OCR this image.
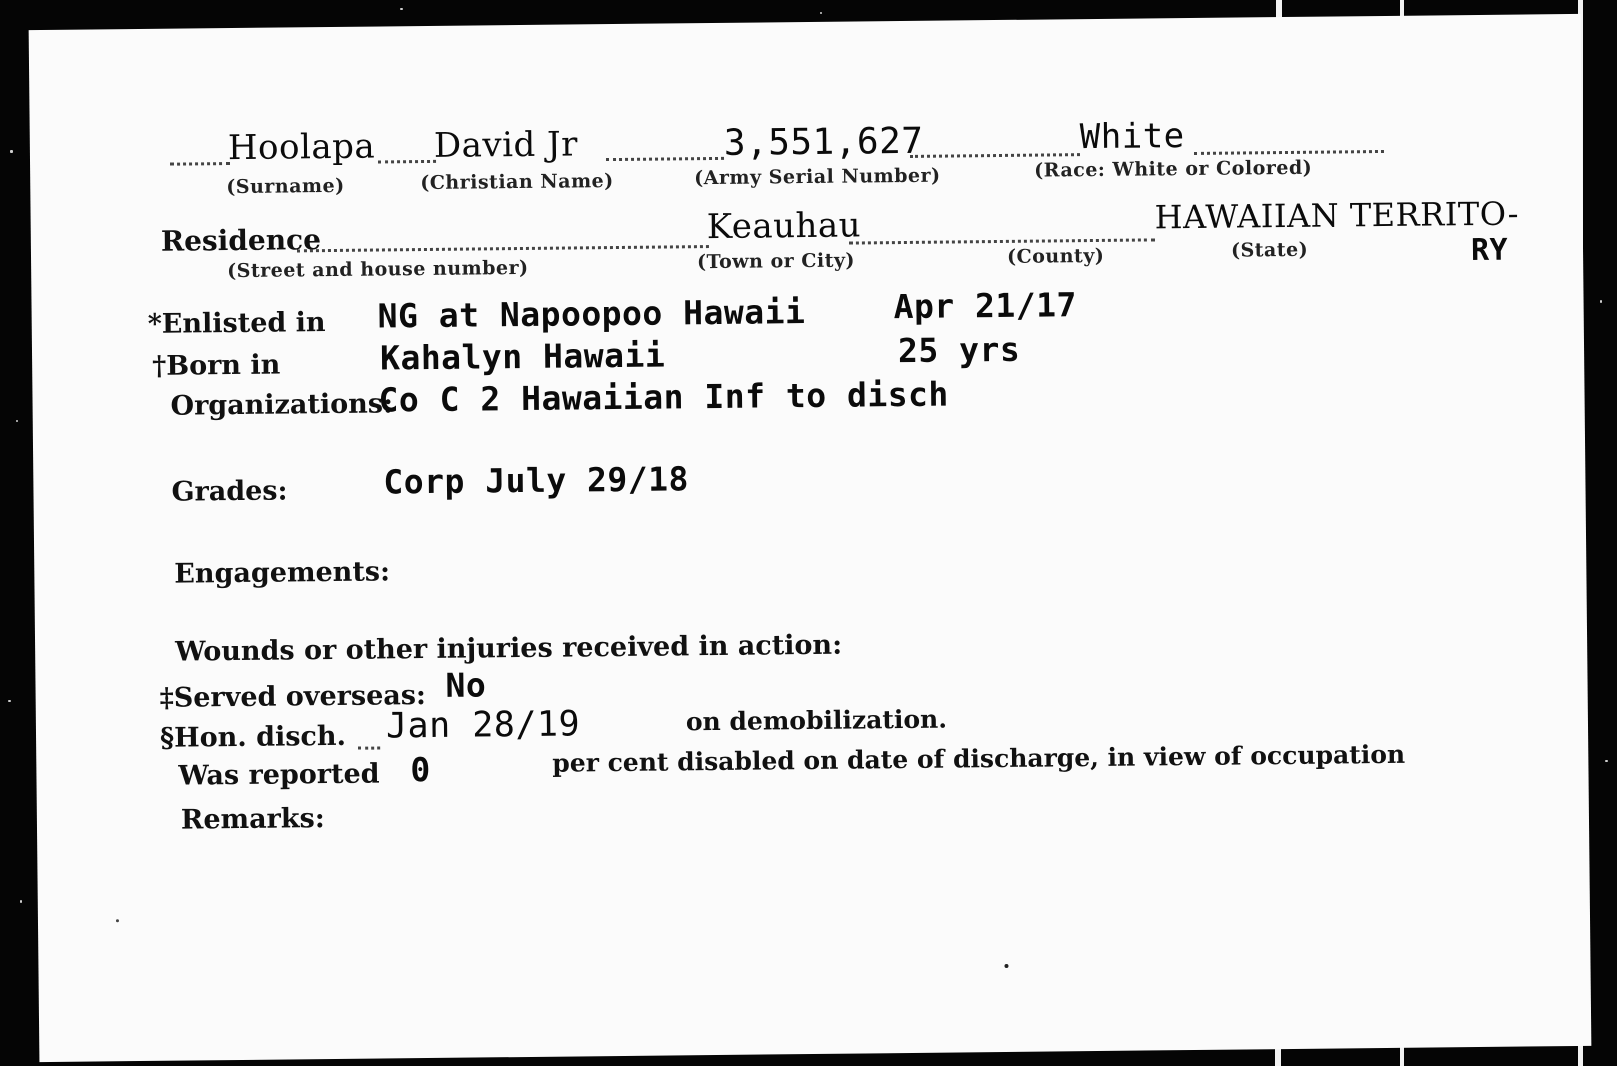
Hoolapa David Jr	3,551,627	White
(Surname)	(Christian Name)	(Army Serial Number)	(Race: White or Colored)
Residence	Keauhau	HAWAIIAN TERRITO-
RY
(Street and house number)	(Town or City)	(County)	(State)
*Enlisted in NG at Napoopoo Hawaii	Apr 21/17
†Born in	Kahalyn Hawaii	25 yrs
Organizations:
Co C 2 Hawaiian Inf to disch
Grades:	Corp July 29/18
Engagements:
Wounds or other injuries received in action:
‡Served overseas: No
§Hon. disch. Jan 28/19	on demobilization.
Was reported 0	per cent disabled on date of discharge, in view of occupation
Remarks:
